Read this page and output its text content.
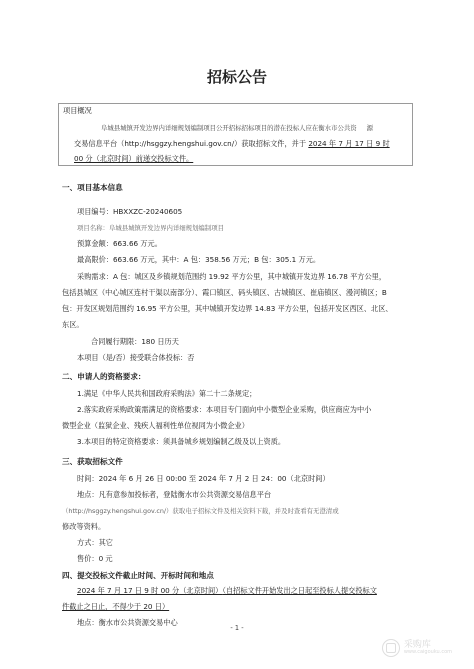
招标公告
项目概况
阜城县城镇开发边界内详细规划编制项目公开招标招标项目的潜在投标人应在衡水市公共资 源
交易信息平台（http://hsggzy.hengshui.gov.cn/）获取招标文件，并于 2024 年 7 月 17 日 9 时
00 分（北京时间）前递交投标文件。
一、项目基本信息
项目编号：HBXXZC-20240605
项目名称：阜城县城镇开发边界内详细规划编制项目
预算金额：663.66 万元。
最高限价：663.66 万元，其中：A 包：358.56 万元；B 包：305.1 万元。
采购需求：A 包：城区及乡镇规划范围约 19.92 平方公里，其中城镇开发边界 16.78 平方公里，
包括县城区（中心城区连村干渠以南部分）、霞口镇区、码头镇区、古城镇区、崔庙镇区、漫河镇区；B
包：开发区规划范围约 16.95 平方公里，其中城镇开发边界 14.83 平方公里，包括开发区西区、北区、
东区。
合同履行期限：180 日历天
本项目（是/否）接受联合体投标：否
二、申请人的资格要求：
1.满足《中华人民共和国政府采购法》第二十二条规定；
2.落实政府采购政策需满足的资格要求：本项目专门面向中小微型企业采购，供应商应为中小
微型企业（监狱企业、残疾人福利性单位视同为小微企业）
3.本项目的特定资格要求：须具备城乡规划编制乙级及以上资质。
三、获取招标文件
时间：2024 年 6 月 26 日 00:00 至 2024 年 7 月 2 日 24：00（北京时间）
地点：凡有意参加投标者，登陆衡水市公共资源交易信息平台
（http://hsggzy.hengshui.gov.cn/）获取电子招标文件及相关资料下载，并及时查看有无澄清或
修改等资料。
方式：其它
售价：0 元
四、提交投标文件截止时间、开标时间和地点
2024 年 7 月 17 日 9 时 00 分（北京时间）（自招标文件开始发出之日起至投标人提交投标文
件截止之日止，不得少于 20 日）
地点：衡水市公共资源交易中心
- 1 -
采购库
www.caigouku.com
